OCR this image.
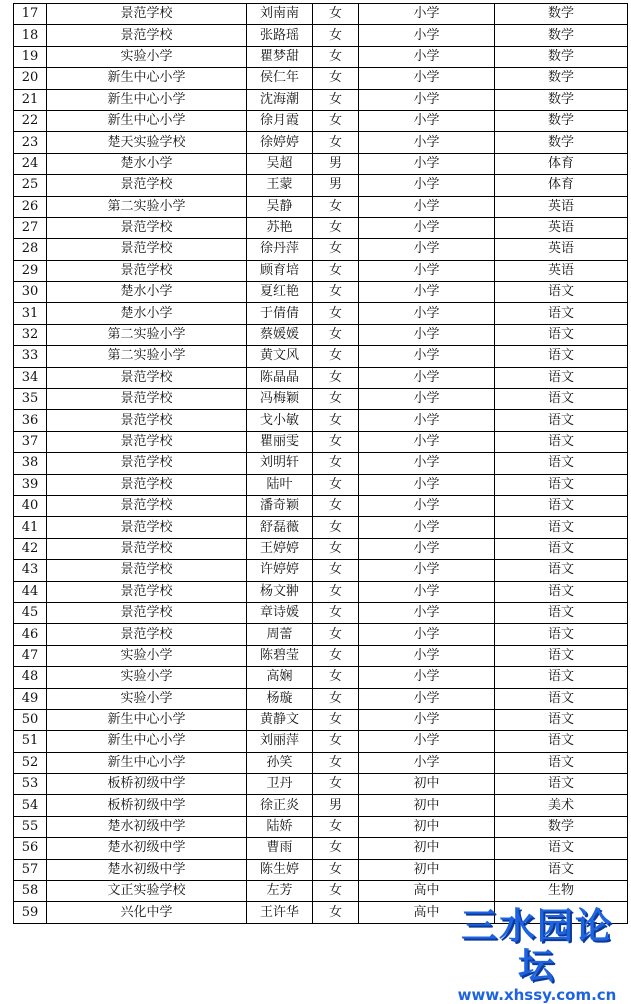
17	景范学校	刘南南	女	小学	数学
18	景范学校	张路瑶	女	小学	数学
19	实验小学	瞿梦甜	女	小学	数学
20	新生中心小学	侯仁年	女	小学	数学
21	新生中心小学	沈海潮	女	小学	数学
22	新生中心小学	徐月霞	女	小学	数学
23	楚天实验学校	徐婷婷	女	小学	数学
24	楚水小学	吴超	男	小学	体育
25	景范学校	王蒙	男	小学	体育
26	第二实验小学	吴静	女	小学	英语
27	景范学校	苏艳	女	小学	英语
28	景范学校	徐丹萍	女	小学	英语
29	景范学校	顾育培	女	小学	英语
30	楚水小学	夏红艳	女	小学	语文
31	楚水小学	于倩倩	女	小学	语文
32	第二实验小学	蔡媛媛	女	小学	语文
33	第二实验小学	黄文风	女	小学	语文
34	景范学校	陈晶晶	女	小学	语文
35	景范学校	冯梅颖	女	小学	语文
36	景范学校	戈小敏	女	小学	语文
37	景范学校	瞿丽雯	女	小学	语文
38	景范学校	刘明轩	女	小学	语文
39	景范学校	陆叶	女	小学	语文
40	景范学校	潘奇颖	女	小学	语文
41	景范学校	舒磊薇	女	小学	语文
42	景范学校	王婷婷	女	小学	语文
43	景范学校	许婷婷	女	小学	语文
44	景范学校	杨文翀	女	小学	语文
45	景范学校	章诗媛	女	小学	语文
46	景范学校	周蕾	女	小学	语文
47	实验小学	陈碧莹	女	小学	语文
48	实验小学	高娴	女	小学	语文
49	实验小学	杨璇	女	小学	语文
50	新生中心小学	黄静文	女	小学	语文
51	新生中心小学	刘丽萍	女	小学	语文
52	新生中心小学	孙笑	女	小学	语文
53	板桥初级中学	卫丹	女	初中	语文
54	板桥初级中学	徐正炎	男	初中	美术
55	楚水初级中学	陆娇	女	初中	数学
56	楚水初级中学	曹雨	女	初中	语文
57	楚水初级中学	陈生婷	女	初中	语文
58	文正实验学校	左芳	女	高中	生物
59	兴化中学	王许华	女	高中	三水园论坛
www.xhssy.com.cn
